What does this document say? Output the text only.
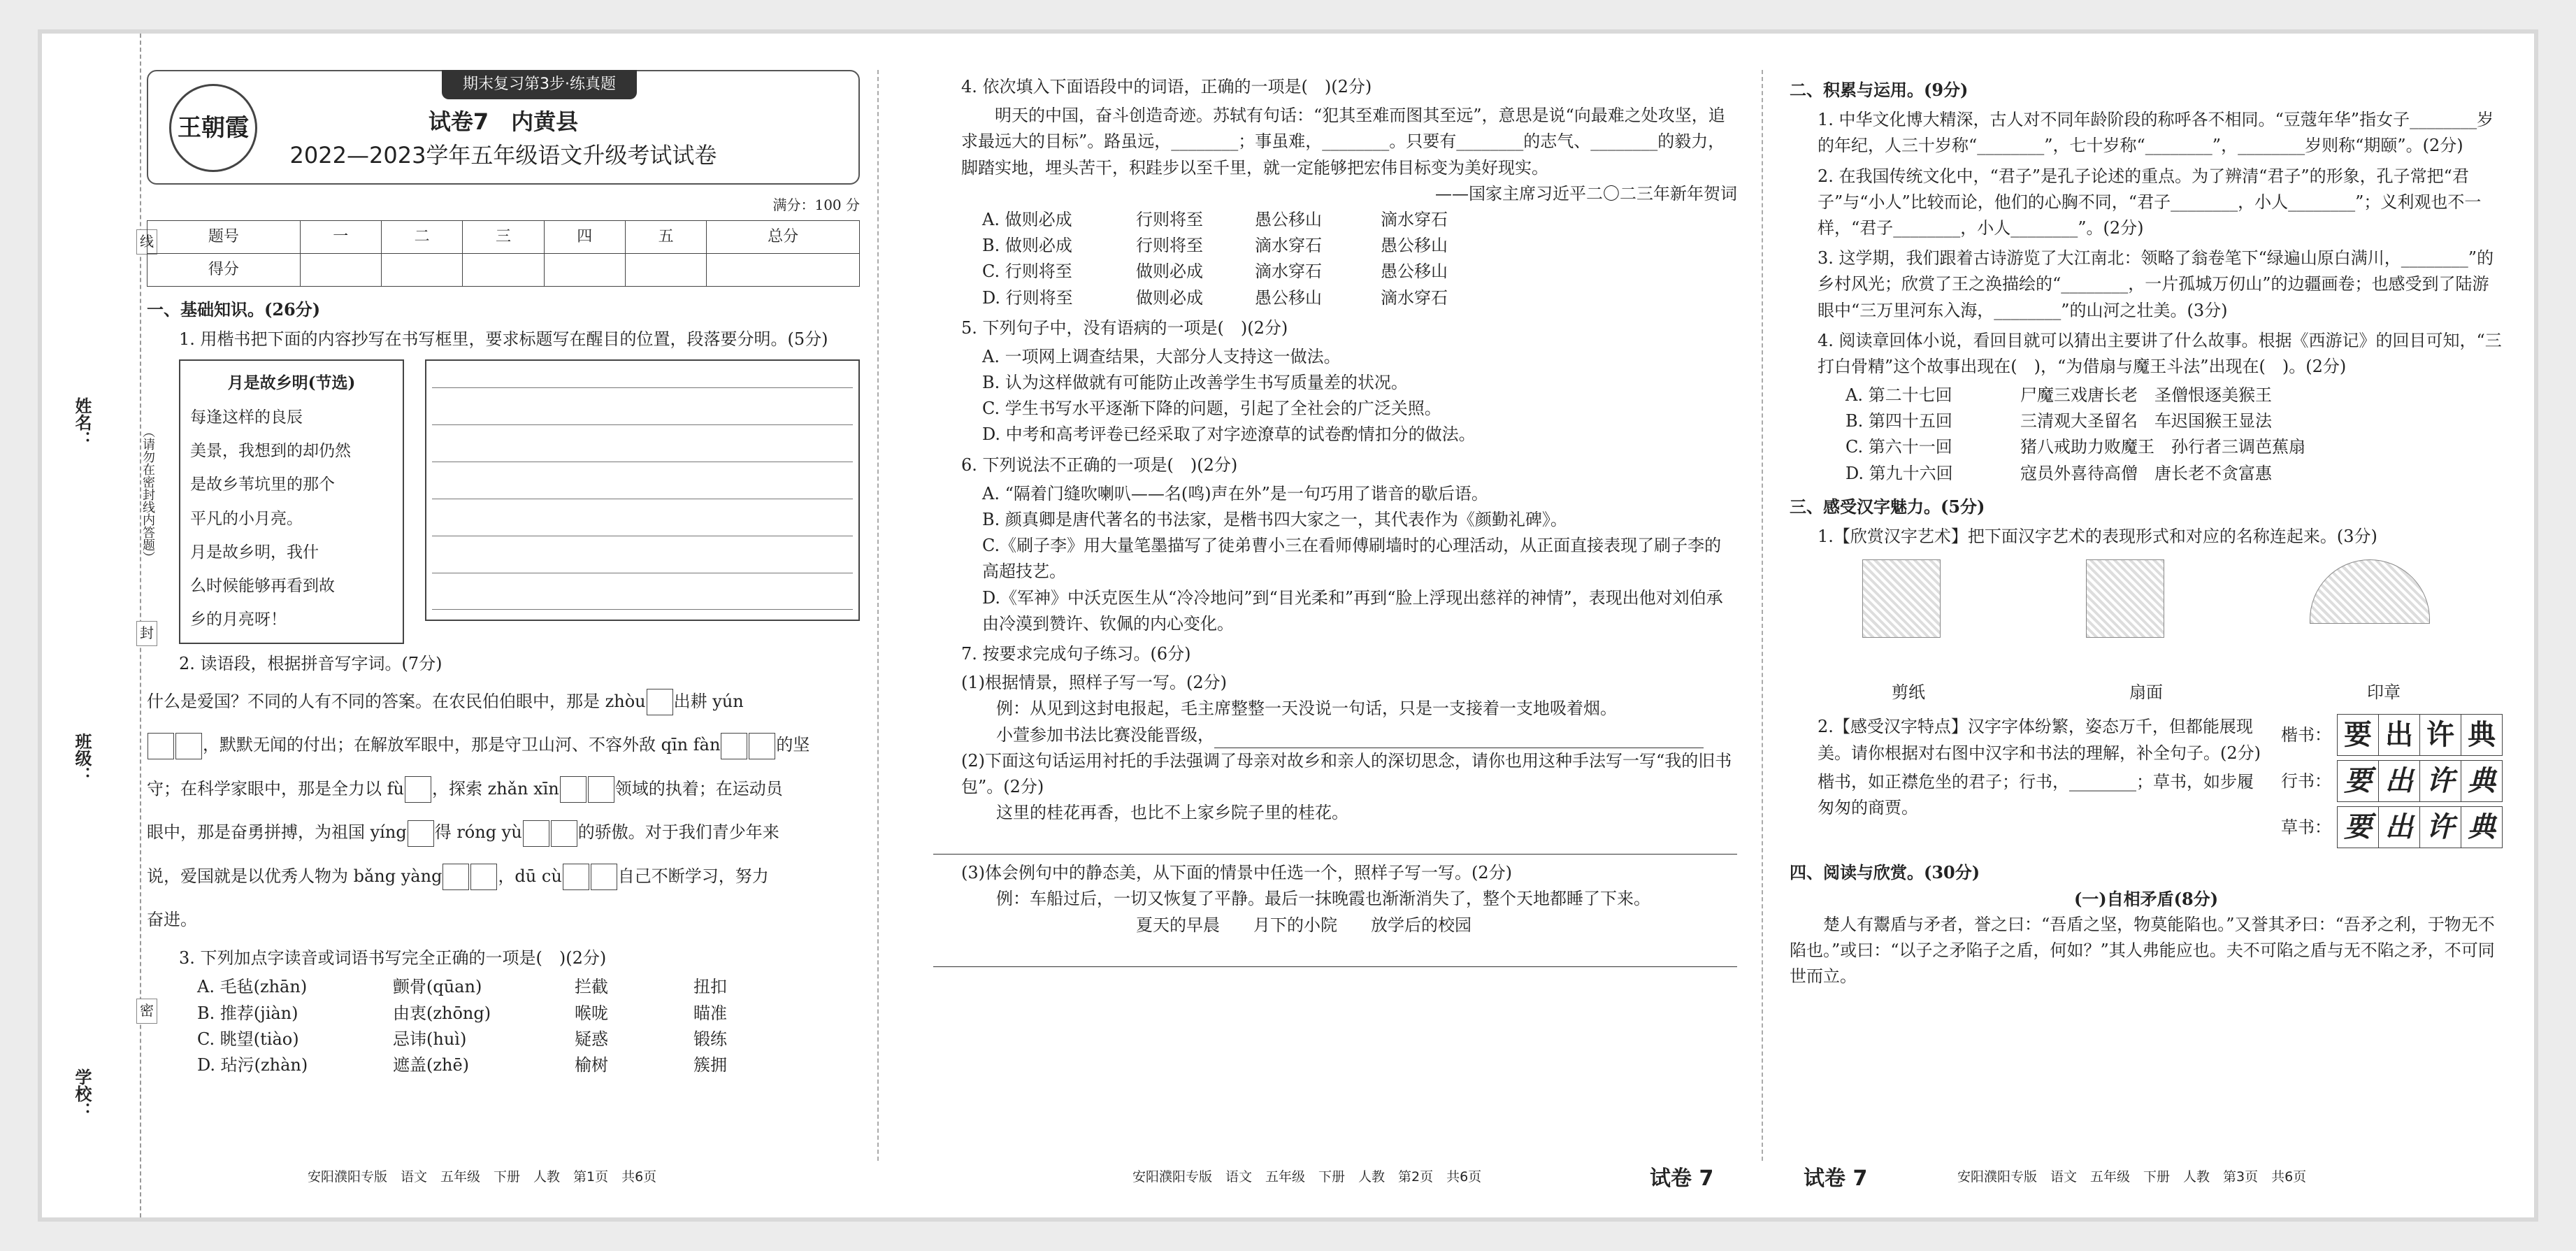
姓名：
班级：
学校：
线
封
密
（请勿在密封线内答题）
王朝霞
期末复习第3步·练真题
试卷7　内黄县
2022—2023学年五年级语文升级考试试卷
满分：100 分
题号	一	二	三	四	五	总分
得分						
一、基础知识。(26分)
1. 用楷书把下面的内容抄写在书写框里，要求标题写在醒目的位置，段落要分明。(5分)
月是故乡明(节选)
每逢这样的良辰
美景，我想到的却仍然
是故乡苇坑里的那个
平凡的小月亮。
月是故乡明，我什
么时候能够再看到故
乡的月亮呀！
2. 读语段，根据拼音写字词。(7分)
什么是爱国？不同的人有不同的答案。在农民伯伯眼中，那是 zhòu 出耕 yún
，默默无闻的付出；在解放军眼中，那是守卫山河、不容外敌 qīn fàn	的坚
守；在科学家眼中，那是全力以 fù ，探索 zhǎn xīn	领域的执着；在运动员
眼中，那是奋勇拼搏，为祖国 yíng 得 róng yù	的骄傲。对于我们青少年来
说，爱国就是以优秀人物为 bǎng yàng	，dū cù	自己不断学习，努力
奋进。
3. 下列加点字读音或词语书写完全正确的一项是(　)(2分)
A. 毛毡(zhān)	颤骨(qūan)	拦截	扭扣
B. 推荐(jiàn)	由衷(zhōng)	喉咙	瞄准
C. 眺望(tiào)	忌讳(huì)	疑惑	锻练
D. 玷污(zhàn)	遮盖(zhē)	榆树	簇拥
安阳濮阳专版　语文　五年级　下册　人教　第1页　共6页
4. 依次填入下面语段中的词语，正确的一项是(　)(2分)
明天的中国，奋斗创造奇迹。苏轼有句话：“犯其至难而图其至远”，意思是说“向最难之处攻坚，追求最远大的目标”。路虽远，________；事虽难，________。只要有________的志气、________的毅力，脚踏实地，埋头苦干，积跬步以至千里，就一定能够把宏伟目标变为美好现实。
——国家主席习近平二〇二三年新年贺词
A. 做则必成	行则将至	愚公移山	滴水穿石
B. 做则必成	行则将至	滴水穿石	愚公移山
C. 行则将至	做则必成	滴水穿石	愚公移山
D. 行则将至	做则必成	愚公移山	滴水穿石
5. 下列句子中，没有语病的一项是(　)(2分)
A. 一项网上调查结果，大部分人支持这一做法。
B. 认为这样做就有可能防止改善学生书写质量差的状况。
C. 学生书写水平逐渐下降的问题，引起了全社会的广泛关照。
D. 中考和高考评卷已经采取了对字迹潦草的试卷酌情扣分的做法。
6. 下列说法不正确的一项是(　)(2分)
A. “隔着门缝吹喇叭——名(鸣)声在外”是一句巧用了谐音的歇后语。
B. 颜真卿是唐代著名的书法家，是楷书四大家之一，其代表作为《颜勤礼碑》。
C.《刷子李》用大量笔墨描写了徒弟曹小三在看师傅刷墙时的心理活动，从正面直接表现了刷子李的高超技艺。
D.《军神》中沃克医生从“冷冷地问”到“目光柔和”再到“脸上浮现出慈祥的神情”，表现出他对刘伯承由冷漠到赞许、钦佩的内心变化。
7. 按要求完成句子练习。(6分)
(1)根据情景，照样子写一写。(2分)
例：从见到这封电报起，毛主席整整一天没说一句话，只是一支接着一支地吸着烟。
小萱参加书法比赛没能晋级，
(2)下面这句话运用衬托的手法强调了母亲对故乡和亲人的深切思念，请你也用这种手法写一写“我的旧书包”。(2分)
这里的桂花再香，也比不上家乡院子里的桂花。
(3)体会例句中的静态美，从下面的情景中任选一个，照样子写一写。(2分)
例：车船过后，一切又恢复了平静。最后一抹晚霞也渐渐消失了，整个天地都睡了下来。
夏天的早晨　　月下的小院　　放学后的校园
安阳濮阳专版　语文　五年级　下册　人教　第2页　共6页	试卷 7
二、积累与运用。(9分)
1. 中华文化博大精深，古人对不同年龄阶段的称呼各不相同。“豆蔻年华”指女子________岁的年纪，人三十岁称“________”，七十岁称“________”，________岁则称“期颐”。(2分)
2. 在我国传统文化中，“君子”是孔子论述的重点。为了辨清“君子”的形象，孔子常把“君子”与“小人”比较而论，他们的心胸不同，“君子________，小人________”；义利观也不一样，“君子________，小人________”。(2分)
3. 这学期，我们跟着古诗游览了大江南北：领略了翁卷笔下“绿遍山原白满川，________”的乡村风光；欣赏了王之涣描绘的“________，一片孤城万仞山”的边疆画卷；也感受到了陆游眼中“三万里河东入海，________”的山河之壮美。(3分)
4. 阅读章回体小说，看回目就可以猜出主要讲了什么故事。根据《西游记》的回目可知，“三打白骨精”这个故事出现在(　)，“为借扇与魔王斗法”出现在(　)。(2分)
A. 第二十七回	尸魔三戏唐长老　圣僧恨逐美猴王
B. 第四十五回	三清观大圣留名　车迟国猴王显法
C. 第六十一回	猪八戒助力败魔王　孙行者三调芭蕉扇
D. 第九十六回	寇员外喜待高僧　唐长老不贪富惠
三、感受汉字魅力。(5分)
1.【欣赏汉字艺术】把下面汉字艺术的表现形式和对应的名称连起来。(3分)
剪纸	扇面	印章
2.【感受汉字特点】汉字字体纷繁，姿态万千，但都能展现美。请你根据对右图中汉字和书法的理解，补全句子。(2分)
楷书，如正襟危坐的君子；行书，________；草书，如步履匆匆的商贾。
楷书： 要 出 许 典
行书： 要 出 许 典
草书： 要 出 许 典
四、阅读与欣赏。(30分)
(一)自相矛盾(8分)
楚人有鬻盾与矛者，誉之曰：“吾盾之坚，物莫能陷也。”又誉其矛曰：“吾矛之利，于物无不陷也。”或曰：“以子之矛陷子之盾，何如？”其人弗能应也。夫不可陷之盾与无不陷之矛，不可同世而立。
试卷 7	安阳濮阳专版　语文　五年级　下册　人教　第3页　共6页
